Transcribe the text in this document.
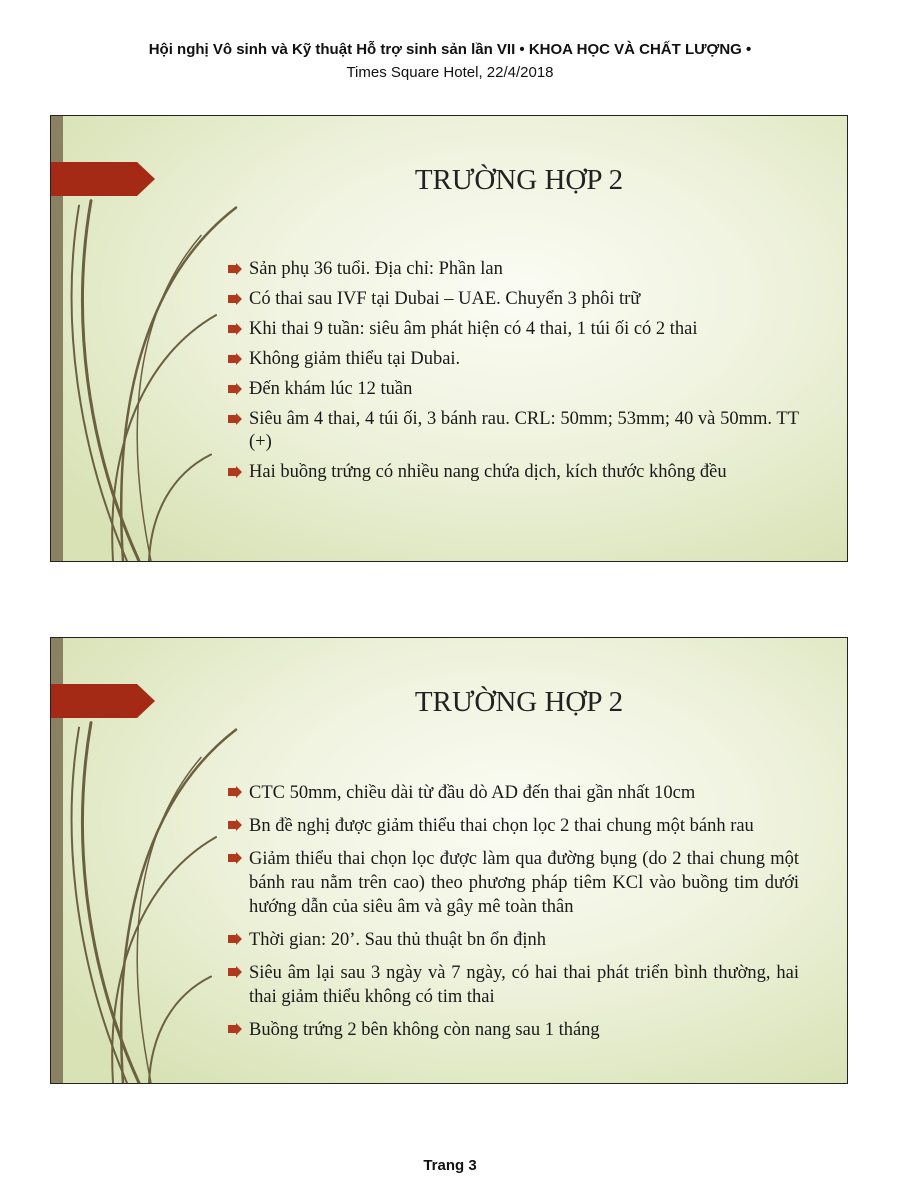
Hội nghị Vô sinh và Kỹ thuật Hỗ trợ sinh sản lần VII • KHOA HỌC VÀ CHẤT LƯỢNG •
Times Square Hotel, 22/4/2018
TRƯỜNG HỢP 2
Sản phụ 36 tuổi. Địa chỉ: Phần lan
Có thai sau IVF tại Dubai – UAE. Chuyển 3 phôi trữ
Khi thai 9 tuần: siêu âm phát hiện có 4 thai, 1 túi ối có 2 thai
Không giảm thiểu tại Dubai.
Đến khám lúc 12 tuần
Siêu âm 4 thai, 4 túi ối, 3 bánh rau. CRL: 50mm; 53mm; 40 và 50mm. TT (+)
Hai buồng trứng có nhiều nang chứa dịch, kích thước không đều
TRƯỜNG HỢP 2
CTC 50mm, chiều dài từ đầu dò AD đến thai gần nhất 10cm
Bn đề nghị được giảm thiểu thai chọn lọc 2 thai chung một bánh rau
Giảm thiểu thai chọn lọc được làm qua đường bụng (do 2 thai chung một bánh rau nằm trên cao) theo phương pháp tiêm KCl vào buồng tim dưới hướng dẫn của siêu âm và gây mê toàn thân
Thời gian: 20’. Sau thủ thuật bn ổn định
Siêu âm lại sau 3 ngày và 7 ngày, có hai thai phát triển bình thường, hai thai giảm thiểu không có tim thai
Buồng trứng 2 bên không còn nang sau 1 tháng
Trang 3
